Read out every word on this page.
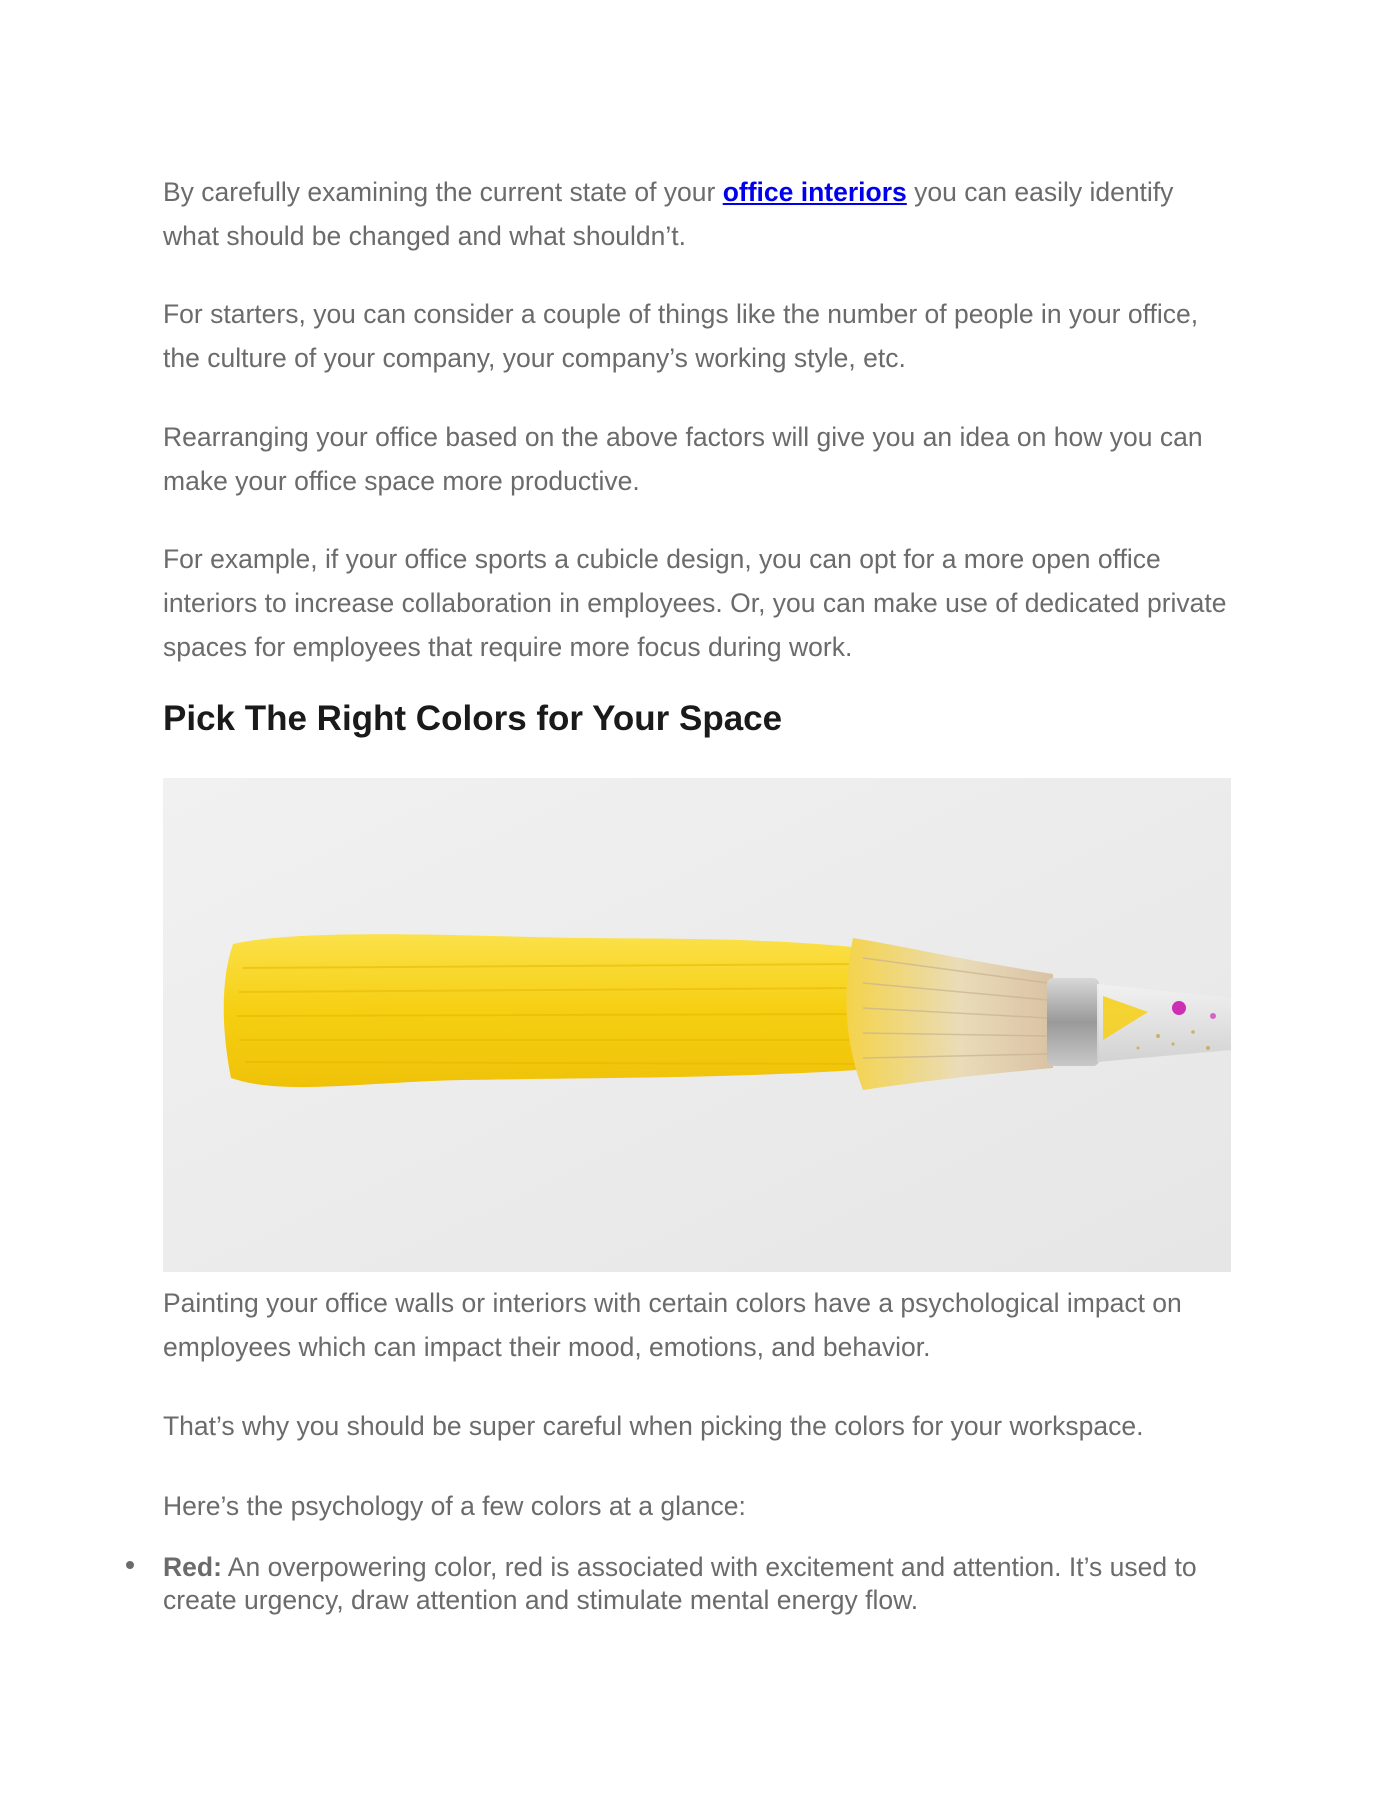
By carefully examining the current state of your office interiors you can easily identify what should be changed and what shouldn’t.

For starters, you can consider a couple of things like the number of people in your office, the culture of your company, your company’s working style, etc.

Rearranging your office based on the above factors will give you an idea on how you can make your office space more productive.

For example, if your office sports a cubicle design, you can opt for a more open office interiors to increase collaboration in employees. Or, you can make use of dedicated private spaces for employees that require more focus during work.

Pick The Right Colors for Your Space

Painting your office walls or interiors with certain colors have a psychological impact on employees which can impact their mood, emotions, and behavior.

That’s why you should be super careful when picking the colors for your workspace.

Here’s the psychology of a few colors at a glance:

Red: An overpowering color, red is associated with excitement and attention. It’s used to create urgency, draw attention and stimulate mental energy flow.
